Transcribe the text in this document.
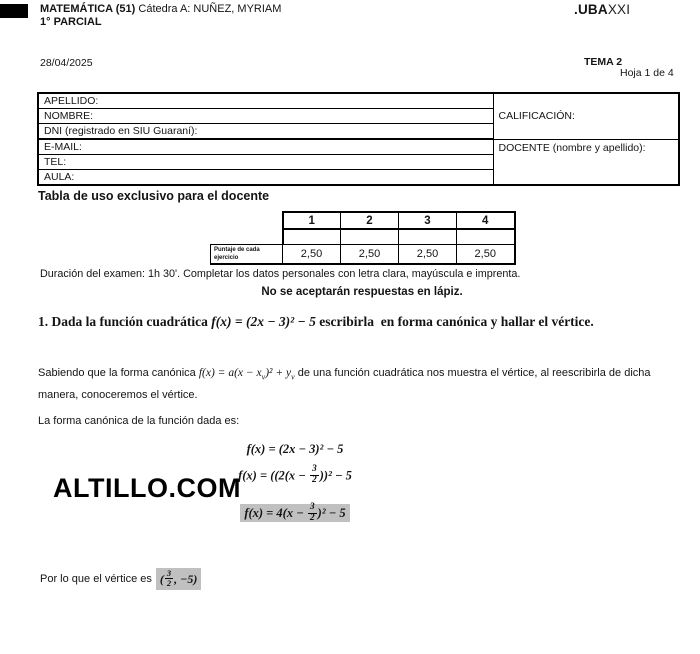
MATEMÁTICA (51) Cátedra A: NUÑEZ, MYRIAM
1° PARCIAL
.UBAXXI
28/04/2025	TEMA 2
Hoja 1 de 4
APELLIDO:	CALIFICACIÓN:
NOMBRE:	
DNI (registrado en SIU Guaraní):	
E-MAIL:	DOCENTE (nombre y apellido):
TEL:	
AULA:	
Tabla de uso exclusivo para el docente
	1	2	3	4

Puntaje de cada ejercicio	2,50	2,50	2,50	2,50
Duración del examen: 1h 30'. Completar los datos personales con letra clara, mayúscula e imprenta.
No se aceptarán respuestas en lápiz.
1. Dada la función cuadrática f(x) = (2x − 3)² − 5 escribirla  en forma canónica y hallar el vértice.
Sabiendo que la forma canónica $f(x) = a(x - x_v)^2 + y_v$ de una función cuadrática nos muestra el vértice, al reescribirla de dicha manera, conoceremos el vértice.
La forma canónica de la función dada es:
f(x) = (2x − 3)² − 5
$f(x) = ((2(x - \frac{3}{2} ))^2 - 5$
$f(x) = 4(x - \frac{3}{2} )^2 - 5$
ALTILLO.COM
Por lo que el vértice es ( $\frac{3}{2}$ , −5)
